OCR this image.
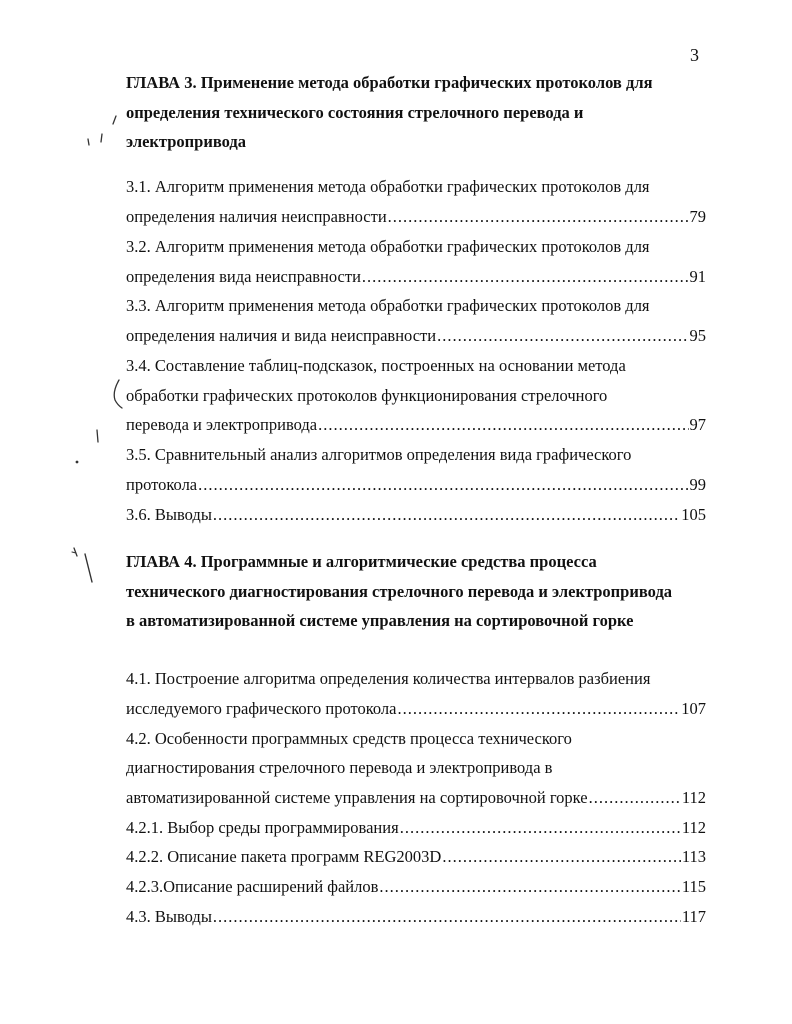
3
ГЛАВА 3. Применение метода обработки графических протоколов для
определения технического состояния стрелочного перевода и
электропривода
3.1. Алгоритм применения метода обработки графических протоколов для
определения наличия неисправности .....	79
3.2. Алгоритм применения метода обработки графических протоколов для
определения вида неисправности .....	91
3.3. Алгоритм применения метода обработки графических протоколов для
определения наличия и вида неисправности .....	95
3.4. Составление таблиц-подсказок, построенных на основании метода
обработки графических протоколов функционирования стрелочного
перевода и электропривода .....	97
3.5. Сравнительный анализ алгоритмов определения вида графического
протокола .....	99
3.6. Выводы .....	105
ГЛАВА 4. Программные и алгоритмические средства процесса
технического диагностирования стрелочного перевода и электропривода
в автоматизированной системе управления на сортировочной горке
4.1. Построение алгоритма определения количества интервалов разбиения
исследуемого графического протокола .....	107
4.2. Особенности программных средств процесса технического
диагностирования стрелочного перевода и электропривода в
автоматизированной системе управления на сортировочной горке .....	112
4.2.1. Выбор среды программирования .....	112
4.2.2. Описание пакета программ REG2003D .....	113
4.2.3.Описание расширений файлов .....	115
4.3. Выводы .....	117
